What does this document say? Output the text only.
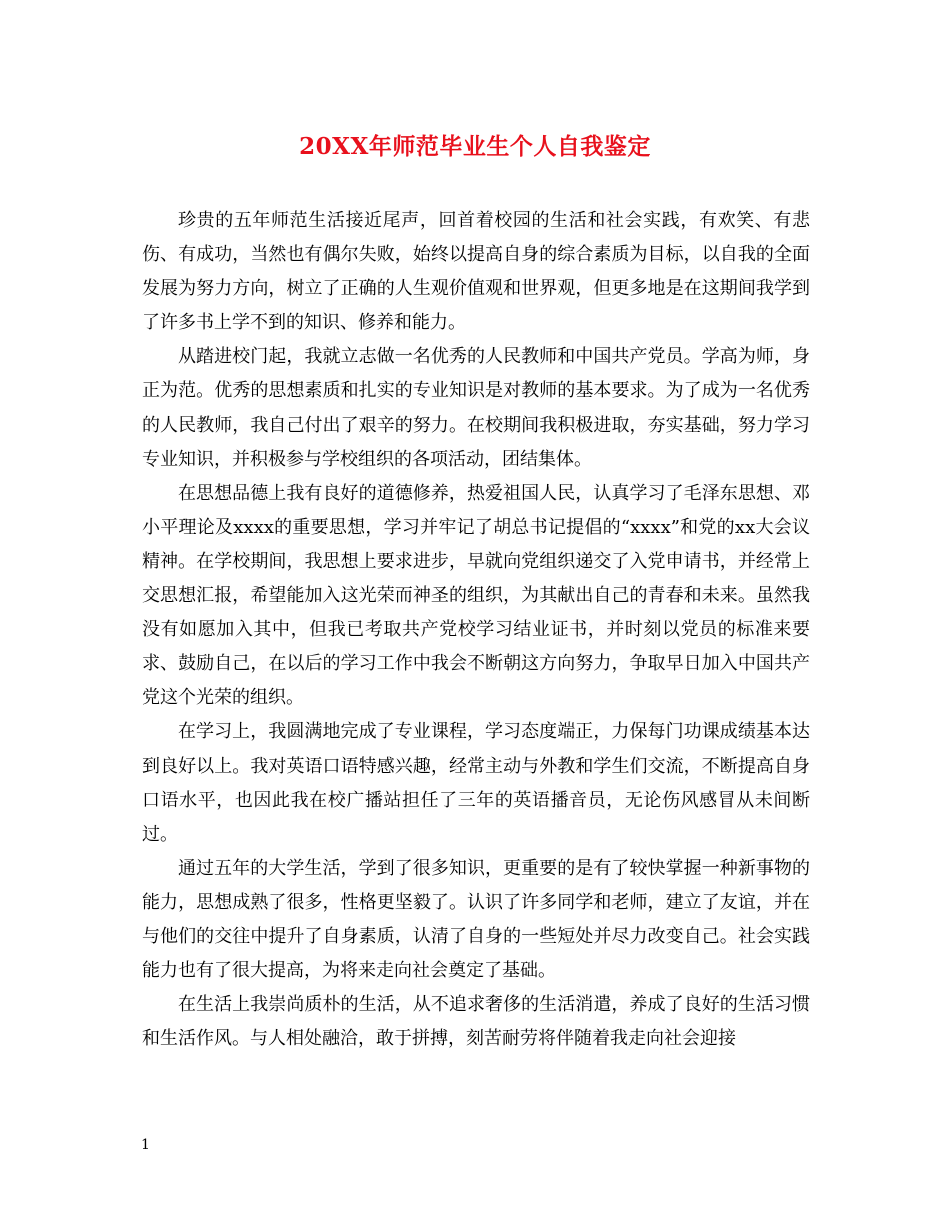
20XX年师范毕业生个人自我鉴定

珍贵的五年师范生活接近尾声，回首着校园的生活和社会实践，有欢笑、有悲伤、有成功，当然也有偶尔失败，始终以提高自身的综合素质为目标，以自我的全面发展为努力方向，树立了正确的人生观价值观和世界观，但更多地是在这期间我学到了许多书上学不到的知识、修养和能力。

从踏进校门起，我就立志做一名优秀的人民教师和中国共产党员。学高为师，身正为范。优秀的思想素质和扎实的专业知识是对教师的基本要求。为了成为一名优秀的人民教师，我自己付出了艰辛的努力。在校期间我积极进取，夯实基础，努力学习专业知识，并积极参与学校组织的各项活动，团结集体。

在思想品德上我有良好的道德修养，热爱祖国人民，认真学习了毛泽东思想、邓小平理论及xxxx的重要思想，学习并牢记了胡总书记提倡的“xxxx”和党的xx大会议精神。在学校期间，我思想上要求进步，早就向党组织递交了入党申请书，并经常上交思想汇报，希望能加入这光荣而神圣的组织，为其献出自己的青春和未来。虽然我没有如愿加入其中，但我已考取共产党校学习结业证书，并时刻以党员的标准来要求、鼓励自己，在以后的学习工作中我会不断朝这方向努力，争取早日加入中国共产党这个光荣的组织。

在学习上，我圆满地完成了专业课程，学习态度端正，力保每门功课成绩基本达到良好以上。我对英语口语特感兴趣，经常主动与外教和学生们交流，不断提高自身口语水平，也因此我在校广播站担任了三年的英语播音员，无论伤风感冒从未间断过。

通过五年的大学生活，学到了很多知识，更重要的是有了较快掌握一种新事物的能力，思想成熟了很多，性格更坚毅了。认识了许多同学和老师，建立了友谊，并在与他们的交往中提升了自身素质，认清了自身的一些短处并尽力改变自己。社会实践能力也有了很大提高，为将来走向社会奠定了基础。

在生活上我崇尚质朴的生活，从不追求奢侈的生活消遣，养成了良好的生活习惯和生活作风。与人相处融洽，敢于拼搏，刻苦耐劳将伴随着我走向社会迎接

1
